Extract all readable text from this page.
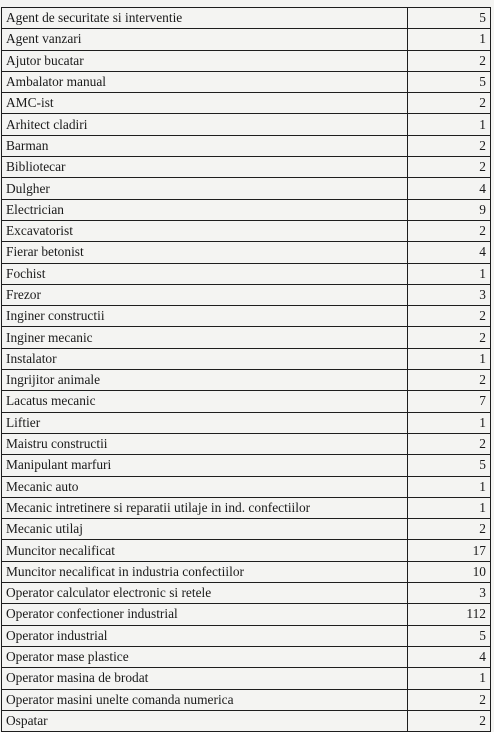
Agent de securitate si interventie	5
Agent vanzari	1
Ajutor bucatar	2
Ambalator manual	5
AMC-ist	2
Arhitect cladiri	1
Barman	2
Bibliotecar	2
Dulgher	4
Electrician	9
Excavatorist	2
Fierar betonist	4
Fochist	1
Frezor	3
Inginer constructii	2
Inginer mecanic	2
Instalator	1
Ingrijitor animale	2
Lacatus mecanic	7
Liftier	1
Maistru constructii	2
Manipulant marfuri	5
Mecanic auto	1
Mecanic intretinere si reparatii utilaje in ind. confectiilor	1
Mecanic utilaj	2
Muncitor necalificat	17
Muncitor necalificat in industria confectiilor	10
Operator calculator electronic si retele	3
Operator confectioner industrial	112
Operator industrial	5
Operator mase plastice	4
Operator masina de brodat	1
Operator masini unelte comanda numerica	2
Ospatar	2
